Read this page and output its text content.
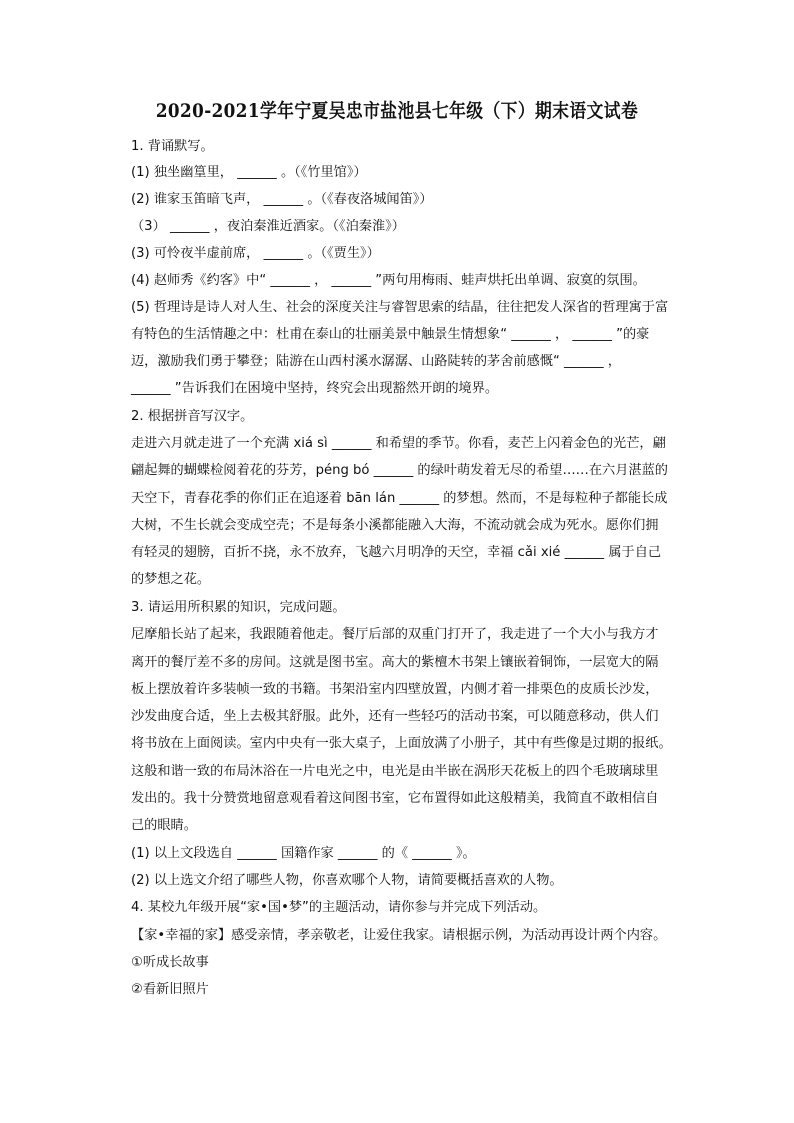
2020-2021学年宁夏吴忠市盐池县七年级（下）期末语文试卷
1. 背诵默写。
(1) 独坐幽篁里， ______ 。（《竹里馆》）
(2) 谁家玉笛暗飞声， ______ 。（《春夜洛城闻笛》）
（3） ______ ，夜泊秦淮近酒家。（《泊秦淮》）
(3) 可怜夜半虚前席， ______ 。（《贾生》）
(4) 赵师秀《约客》中“ ______ ， ______ ”两句用梅雨、蛙声烘托出单调、寂寞的氛围。
(5) 哲理诗是诗人对人生、社会的深度关注与睿智思索的结晶，往往把发人深省的哲理寓于富
有特色的生活情趣之中：杜甫在泰山的壮丽美景中触景生情想象“ ______ ， ______ ”的豪
迈，激励我们勇于攀登；陆游在山西村溪水潺潺、山路陡转的茅舍前感慨“ ______ ，
______ ”告诉我们在困境中坚持，终究会出现豁然开朗的境界。
2. 根据拼音写汉字。
走进六月就走进了一个充满 xiá sì ______ 和希望的季节。你看，麦芒上闪着金色的光芒，翩
翩起舞的蝴蝶检阅着花的芬芳，péng bó ______ 的绿叶萌发着无尽的希望……在六月湛蓝的
天空下，青春花季的你们正在追逐着 bān lán ______ 的梦想。然而，不是每粒种子都能长成
大树，不生长就会变成空壳；不是每条小溪都能融入大海，不流动就会成为死水。愿你们拥
有轻灵的翅膀，百折不挠，永不放弃，飞越六月明净的天空，幸福 cǎi xié ______ 属于自己
的梦想之花。
3. 请运用所积累的知识，完成问题。
尼摩船长站了起来，我跟随着他走。餐厅后部的双重门打开了，我走进了一个大小与我方才
离开的餐厅差不多的房间。这就是图书室。高大的紫檀木书架上镶嵌着铜饰，一层宽大的隔
板上摆放着许多装帧一致的书籍。书架沿室内四壁放置，内侧才着一排栗色的皮质长沙发，
沙发曲度合适，坐上去极其舒服。此外，还有一些轻巧的活动书案，可以随意移动，供人们
将书放在上面阅读。室内中央有一张大桌子，上面放满了小册子，其中有些像是过期的报纸。
这般和谐一致的布局沐浴在一片电光之中，电光是由半嵌在涡形天花板上的四个毛玻璃球里
发出的。我十分赞赏地留意观看着这间图书室，它布置得如此这般精美，我简直不敢相信自
己的眼睛。
(1) 以上文段选自 ______ 国籍作家 ______ 的《 ______ 》。
(2) 以上选文介绍了哪些人物，你喜欢哪个人物，请简要概括喜欢的人物。
4. 某校九年级开展“家•国•梦”的主题活动，请你参与并完成下列活动。
【家•幸福的家】感受亲情，孝亲敬老，让爱住我家。请根据示例，为活动再设计两个内容。
①听成长故事
②看新旧照片
